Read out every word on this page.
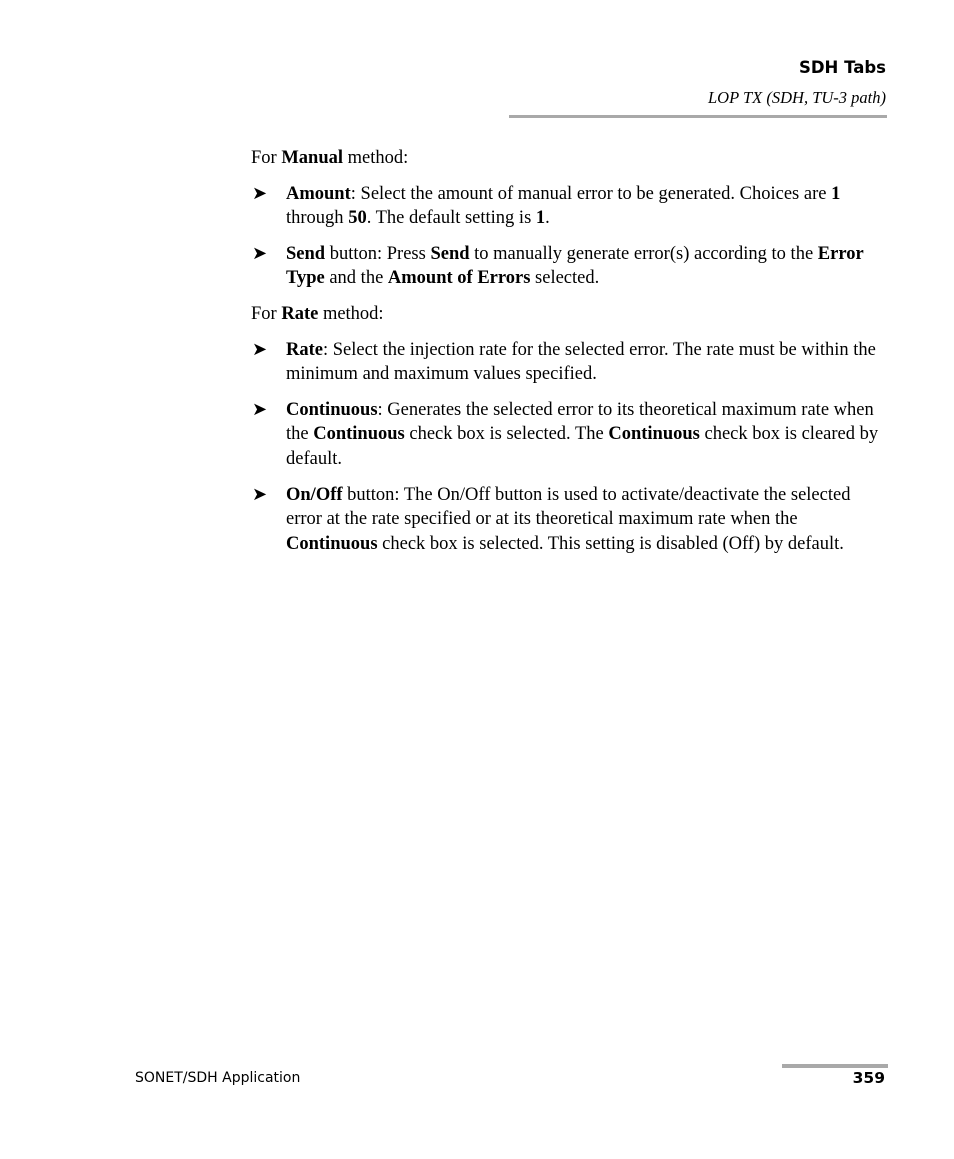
SDH Tabs
LOP TX (SDH, TU-3 path)

For Manual method:

➤ Amount: Select the amount of manual error to be generated. Choices are 1 through 50. The default setting is 1.

➤ Send button: Press Send to manually generate error(s) according to the Error Type and the Amount of Errors selected.

For Rate method:

➤ Rate: Select the injection rate for the selected error. The rate must be within the minimum and maximum values specified.

➤ Continuous: Generates the selected error to its theoretical maximum rate when the Continuous check box is selected. The Continuous check box is cleared by default.

➤ On/Off button: The On/Off button is used to activate/deactivate the selected error at the rate specified or at its theoretical maximum rate when the Continuous check box is selected. This setting is disabled (Off) by default.

SONET/SDH Application	359
